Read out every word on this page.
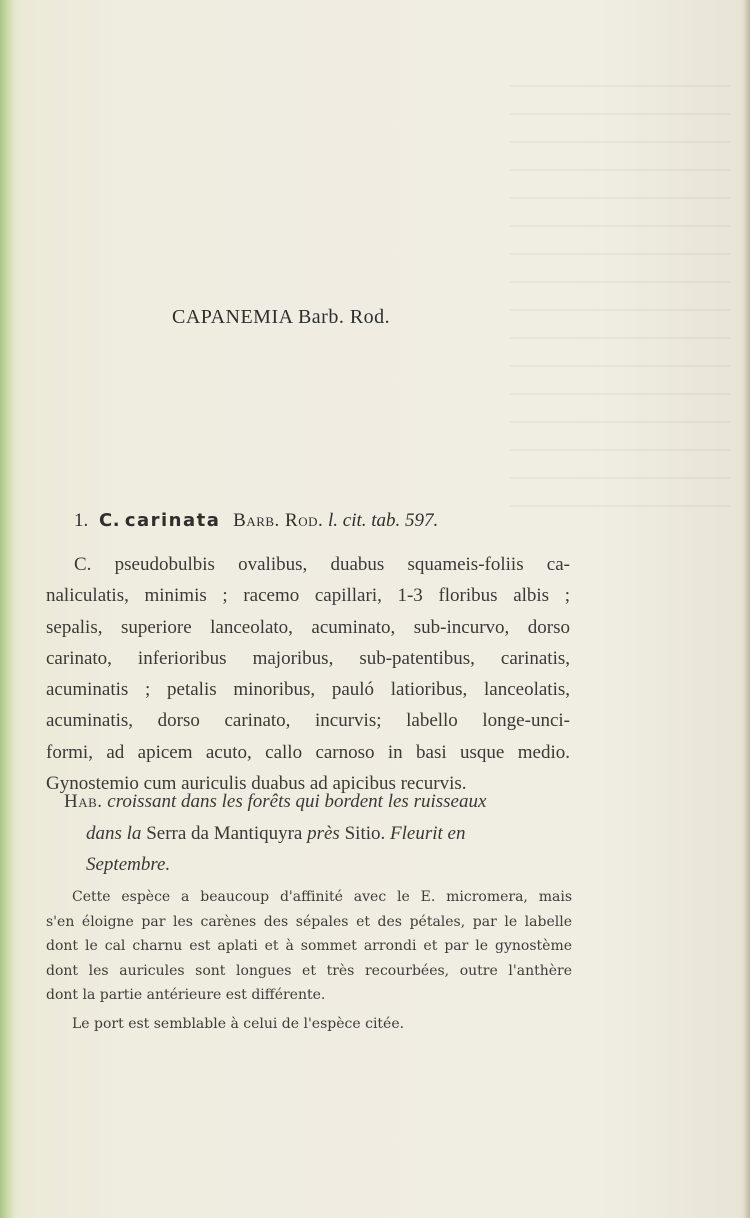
CAPANEMIA Barb. Rod.
1. C. carinata Barb. Rod. l. cit. tab. 597.
C. pseudobulbis ovalibus, duabus squameis-foliis ca-
naliculatis, minimis ; racemo capillari, 1-3 floribus albis ;
sepalis, superiore lanceolato, acuminato, sub-incurvo, dorso
carinato, inferioribus majoribus, sub-patentibus, carinatis,
acuminatis ; petalis minoribus, pauló latioribus, lanceolatis,
acuminatis, dorso carinato, incurvis; labello longe-unci-
formi, ad apicem acuto, callo carnoso in basi usque medio.
Gynostemio cum auriculis duabus ad apicibus recurvis.
Hab. croissant dans les forêts qui bordent les ruisseaux
dans la Serra da Mantiquyra près Sitio. Fleurit en
Septembre.
Cette espèce a beaucoup d'affinité avec le E. micromera, mais
s'en éloigne par les carènes des sépales et des pétales, par le labelle
dont le cal charnu est aplati et à sommet arrondi et par le gynostème
dont les auricules sont longues et très recourbées, outre l'anthère
dont la partie antérieure est différente.
Le port est semblable à celui de l'espèce citée.
